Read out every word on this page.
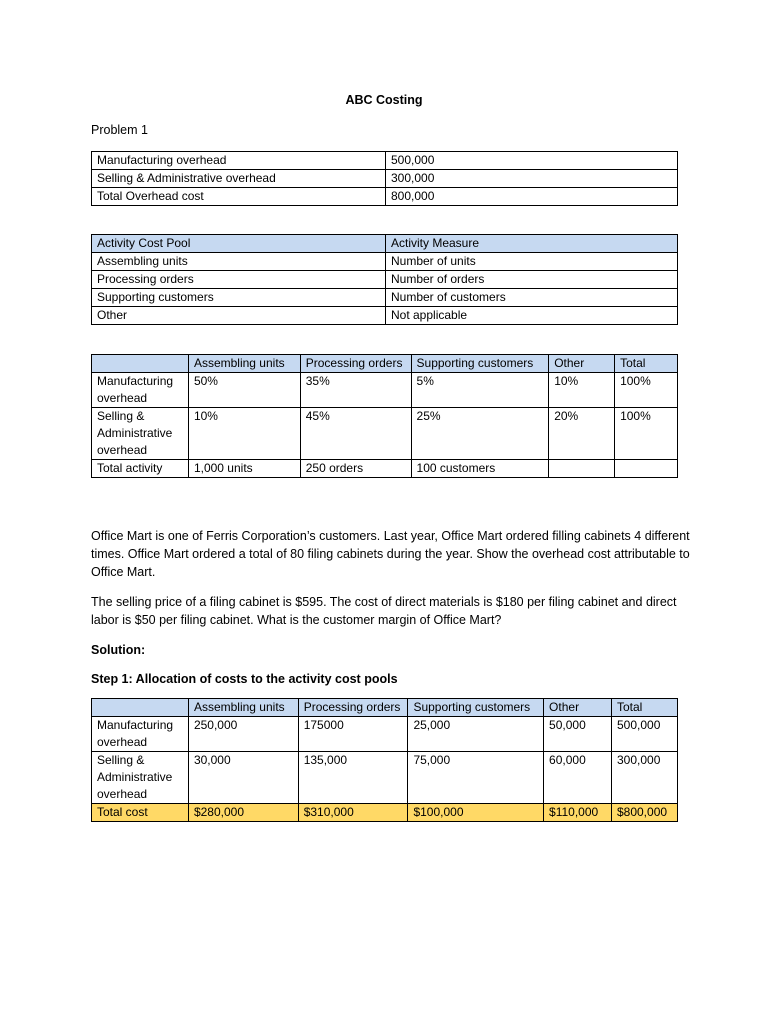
ABC Costing
Problem 1
Manufacturing overhead	500,000
Selling & Administrative overhead	300,000
Total Overhead cost	800,000
Activity Cost Pool	Activity Measure
Assembling units	Number of units
Processing orders	Number of orders
Supporting customers	Number of customers
Other	Not applicable
	Assembling units	Processing orders	Supporting customers	Other	Total
Manufacturing overhead	50%	35%	5%	10%	100%
Selling & Administrative overhead	10%	45%	25%	20%	100%
Total activity	1,000 units	250 orders	100 customers		
Office Mart is one of Ferris Corporation’s customers. Last year, Office Mart ordered filling cabinets 4 different times. Office Mart ordered a total of 80 filing cabinets during the year. Show the overhead cost attributable to Office Mart.
The selling price of a filing cabinet is $595. The cost of direct materials is $180 per filing cabinet and direct labor is $50 per filing cabinet. What is the customer margin of Office Mart?
Solution:
Step 1: Allocation of costs to the activity cost pools
	Assembling units	Processing orders	Supporting customers	Other	Total
Manufacturing overhead	250,000	175000	25,000	50,000	500,000
Selling & Administrative overhead	30,000	135,000	75,000	60,000	300,000
Total cost	$280,000	$310,000	$100,000	$110,000	$800,000
